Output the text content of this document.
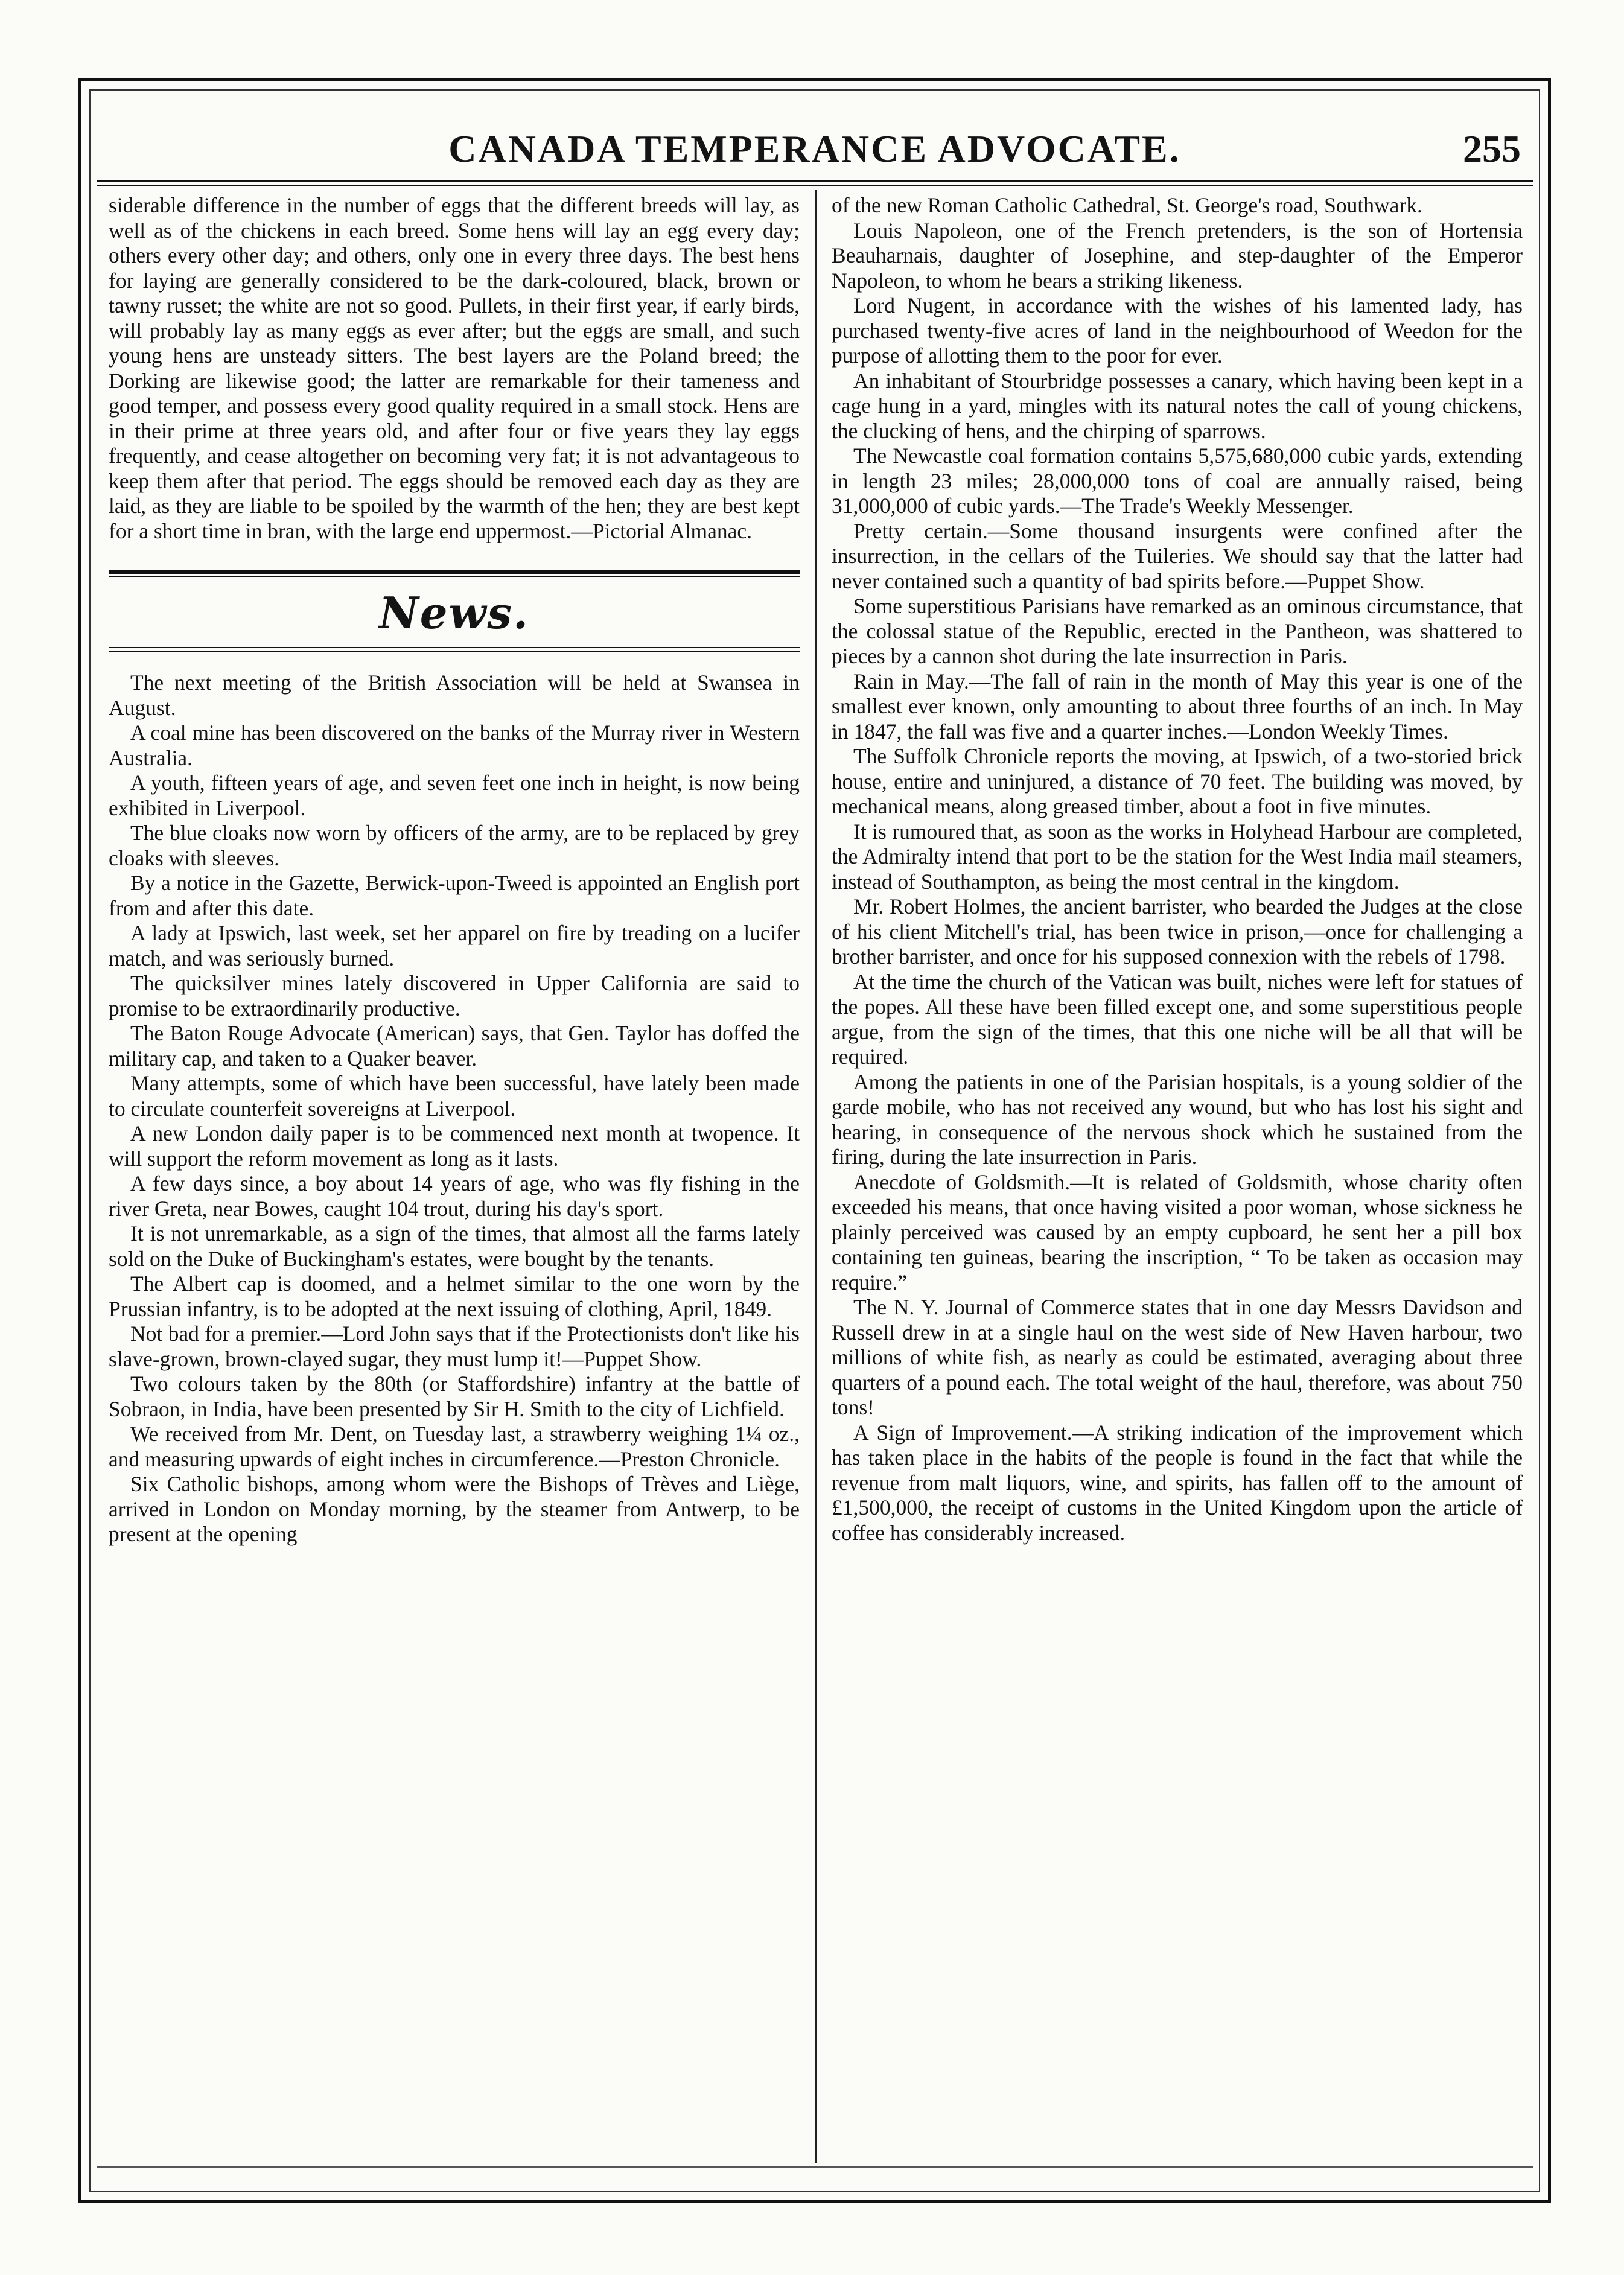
CANADA TEMPERANCE ADVOCATE.	255

siderable difference in the number of eggs that the different breeds will lay, as well as of the chickens in each breed. Some hens will lay an egg every day; others every other day; and others, only one in every three days. The best hens for laying are generally considered to be the dark-coloured, black, brown or tawny russet; the white are not so good. Pullets, in their first year, if early birds, will probably lay as many eggs as ever after; but the eggs are small, and such young hens are unsteady sitters. The best layers are the Poland breed; the Dorking are likewise good; the latter are remarkable for their tameness and good temper, and possess every good quality required in a small stock. Hens are in their prime at three years old, and after four or five years they lay eggs frequently, and cease altogether on becoming very fat; it is not advantageous to keep them after that period. The eggs should be removed each day as they are laid, as they are liable to be spoiled by the warmth of the hen; they are best kept for a short time in bran, with the large end uppermost.—Pictorial Almanac.

News.

The next meeting of the British Association will be held at Swansea in August.

A coal mine has been discovered on the banks of the Murray river in Western Australia.

A youth, fifteen years of age, and seven feet one inch in height, is now being exhibited in Liverpool.

The blue cloaks now worn by officers of the army, are to be replaced by grey cloaks with sleeves.

By a notice in the Gazette, Berwick-upon-Tweed is appointed an English port from and after this date.

A lady at Ipswich, last week, set her apparel on fire by treading on a lucifer match, and was seriously burned.

The quicksilver mines lately discovered in Upper California are said to promise to be extraordinarily productive.

The Baton Rouge Advocate (American) says, that Gen. Taylor has doffed the military cap, and taken to a Quaker beaver.

Many attempts, some of which have been successful, have lately been made to circulate counterfeit sovereigns at Liverpool.

A new London daily paper is to be commenced next month at twopence. It will support the reform movement as long as it lasts.

A few days since, a boy about 14 years of age, who was fly fishing in the river Greta, near Bowes, caught 104 trout, during his day's sport.

It is not unremarkable, as a sign of the times, that almost all the farms lately sold on the Duke of Buckingham's estates, were bought by the tenants.

The Albert cap is doomed, and a helmet similar to the one worn by the Prussian infantry, is to be adopted at the next issuing of clothing, April, 1849.

Not bad for a premier.—Lord John says that if the Protectionists don't like his slave-grown, brown-clayed sugar, they must lump it!—Puppet Show.

Two colours taken by the 80th (or Staffordshire) infantry at the battle of Sobraon, in India, have been presented by Sir H. Smith to the city of Lichfield.

We received from Mr. Dent, on Tuesday last, a strawberry weighing 1¼ oz., and measuring upwards of eight inches in circumference.—Preston Chronicle.

Six Catholic bishops, among whom were the Bishops of Trèves and Liège, arrived in London on Monday morning, by the steamer from Antwerp, to be present at the opening

of the new Roman Catholic Cathedral, St. George's road, Southwark.

Louis Napoleon, one of the French pretenders, is the son of Hortensia Beauharnais, daughter of Josephine, and step-daughter of the Emperor Napoleon, to whom he bears a striking likeness.

Lord Nugent, in accordance with the wishes of his lamented lady, has purchased twenty-five acres of land in the neighbourhood of Weedon for the purpose of allotting them to the poor for ever.

An inhabitant of Stourbridge possesses a canary, which having been kept in a cage hung in a yard, mingles with its natural notes the call of young chickens, the clucking of hens, and the chirping of sparrows.

The Newcastle coal formation contains 5,575,680,000 cubic yards, extending in length 23 miles; 28,000,000 tons of coal are annually raised, being 31,000,000 of cubic yards.—The Trade's Weekly Messenger.

Pretty certain.—Some thousand insurgents were confined after the insurrection, in the cellars of the Tuileries. We should say that the latter had never contained such a quantity of bad spirits before.—Puppet Show.

Some superstitious Parisians have remarked as an ominous circumstance, that the colossal statue of the Republic, erected in the Pantheon, was shattered to pieces by a cannon shot during the late insurrection in Paris.

Rain in May.—The fall of rain in the month of May this year is one of the smallest ever known, only amounting to about three fourths of an inch. In May in 1847, the fall was five and a quarter inches.—London Weekly Times.

The Suffolk Chronicle reports the moving, at Ipswich, of a two-storied brick house, entire and uninjured, a distance of 70 feet. The building was moved, by mechanical means, along greased timber, about a foot in five minutes.

It is rumoured that, as soon as the works in Holyhead Harbour are completed, the Admiralty intend that port to be the station for the West India mail steamers, instead of Southampton, as being the most central in the kingdom.

Mr. Robert Holmes, the ancient barrister, who bearded the Judges at the close of his client Mitchell's trial, has been twice in prison,—once for challenging a brother barrister, and once for his supposed connexion with the rebels of 1798.

At the time the church of the Vatican was built, niches were left for statues of the popes. All these have been filled except one, and some superstitious people argue, from the sign of the times, that this one niche will be all that will be required.

Among the patients in one of the Parisian hospitals, is a young soldier of the garde mobile, who has not received any wound, but who has lost his sight and hearing, in consequence of the nervous shock which he sustained from the firing, during the late insurrection in Paris.

Anecdote of Goldsmith.—It is related of Goldsmith, whose charity often exceeded his means, that once having visited a poor woman, whose sickness he plainly perceived was caused by an empty cupboard, he sent her a pill box containing ten guineas, bearing the inscription, “ To be taken as occasion may require.”

The N. Y. Journal of Commerce states that in one day Messrs Davidson and Russell drew in at a single haul on the west side of New Haven harbour, two millions of white fish, as nearly as could be estimated, averaging about three quarters of a pound each. The total weight of the haul, therefore, was about 750 tons!

A Sign of Improvement.—A striking indication of the improvement which has taken place in the habits of the people is found in the fact that while the revenue from malt liquors, wine, and spirits, has fallen off to the amount of £1,500,000, the receipt of customs in the United Kingdom upon the article of coffee has considerably increased.
